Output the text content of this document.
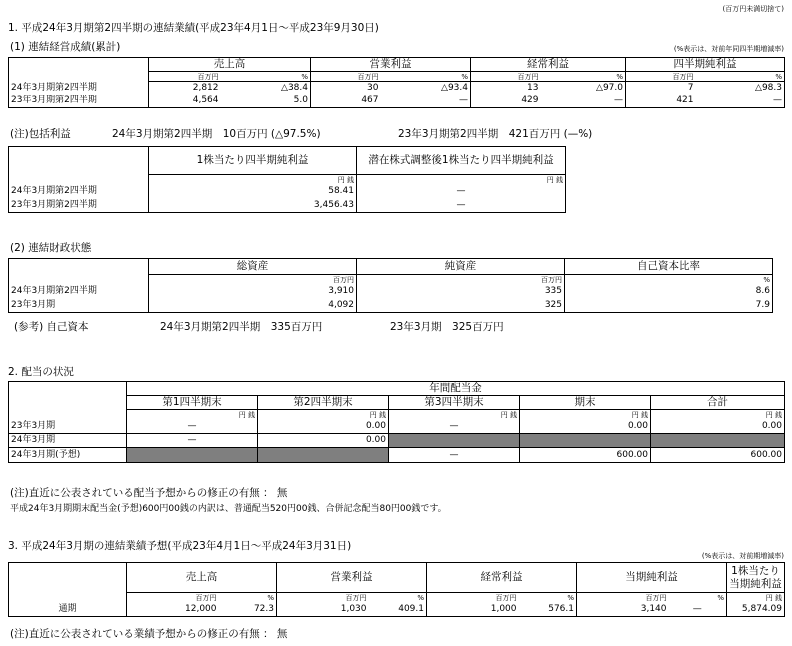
(百万円未満切捨て)
1. 平成24年3月期第2四半期の連結業績(平成23年4月1日～平成23年9月30日)
(1) 連結経営成績(累計)	(%表示は、対前年同四半期増減率)
	売上高		営業利益		経常利益		四半期純利益	
	百万円	%	百万円	%	百万円	%	百万円	%
24年3月期第2四半期	2,812	△38.4	30	△93.4	13	△97.0	7	△98.3
23年3月期第2四半期	4,564	5.0	467	—	429	—	421	—
(注)包括利益	24年3月期第2四半期　10百万円 (△97.5%)	23年3月期第2四半期　421百万円 (—%)
	1株当たり四半期純利益	潜在株式調整後1株当たり四半期純利益
	円 銭	円 銭
24年3月期第2四半期	58.41	—
23年3月期第2四半期	3,456.43	—
(2) 連結財政状態
	総資産	純資産	自己資本比率
	百万円	百万円	%
24年3月期第2四半期	3,910	335	8.6
23年3月期	4,092	325	7.9
(参考) 自己資本	24年3月期第2四半期　335百万円	23年3月期　325百万円
2. 配当の状況
	年間配当金				
	第1四半期末	第2四半期末	第3四半期末	期末	合計
	円 銭	円 銭	円 銭	円 銭	円 銭
23年3月期	—	0.00	—	0.00	0.00
24年3月期	—	0.00			
24年3月期(予想)			—	600.00	600.00
(注)直近に公表されている配当予想からの修正の有無 ： 無
平成24年3月期期末配当金(予想)600円00銭の内訳は、普通配当520円00銭、合併記念配当80円00銭です。
3. 平成24年3月期の連結業績予想(平成23年4月1日～平成24年3月31日)
(%表示は、対前期増減率)
	売上高		営業利益		経常利益		当期純利益		1株当たり当期純利益
	百万円	%	百万円	%	百万円	%	百万円	%	円 銭
通期	12,000	72.3	1,030	409.1	1,000	576.1	3,140	—	5,874.09
(注)直近に公表されている業績予想からの修正の有無 ： 無
